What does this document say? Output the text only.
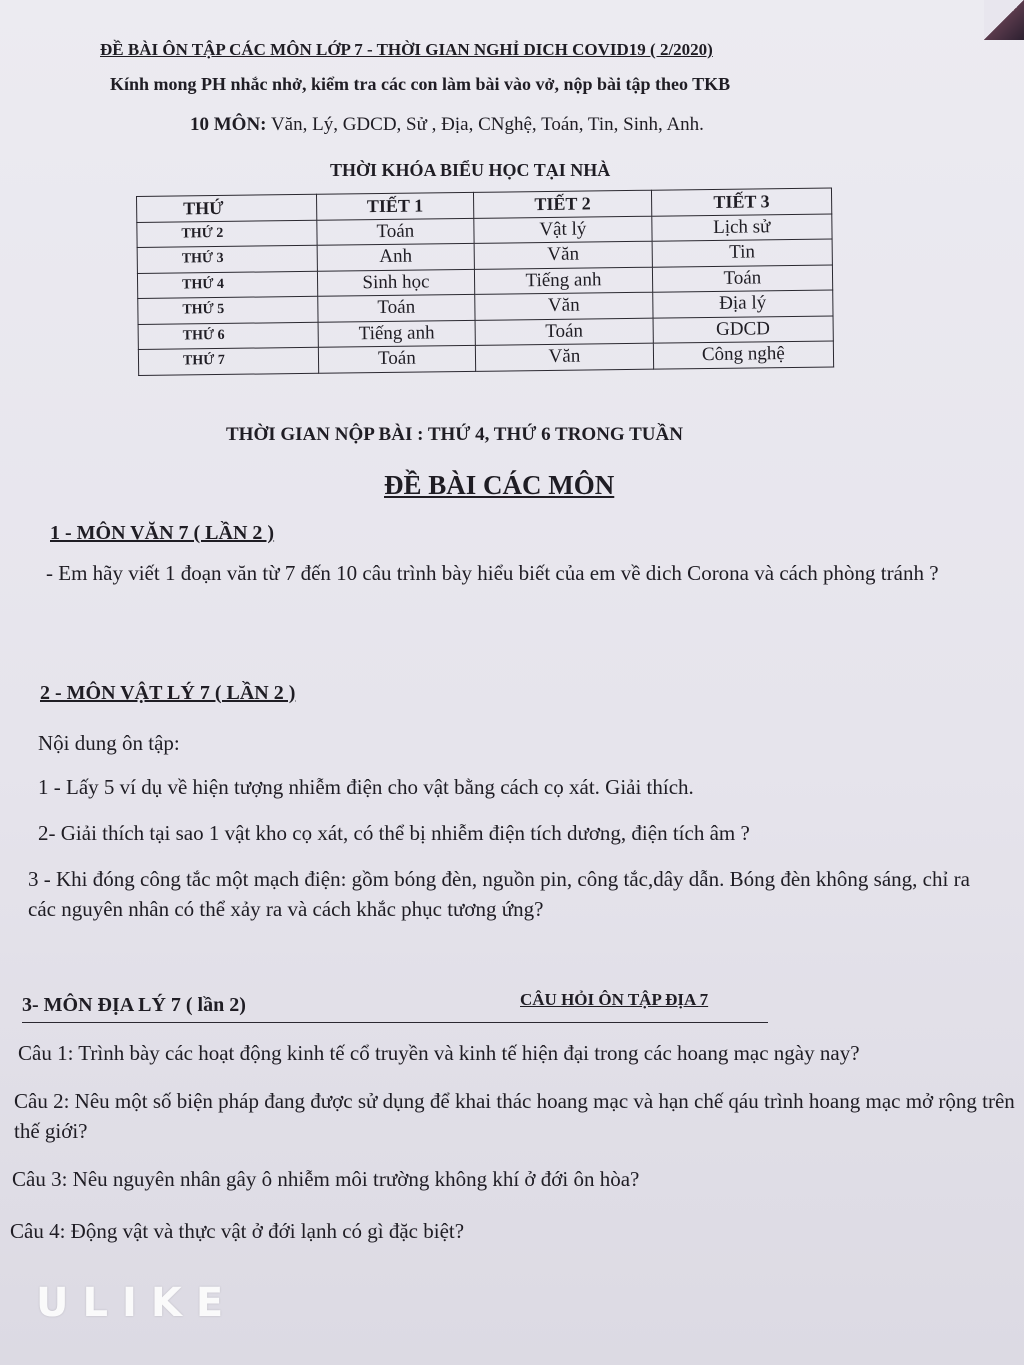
ĐỀ BÀI ÔN TẬP CÁC MÔN LỚP 7 - THỜI GIAN NGHỈ DICH COVID19 ( 2/2020)
Kính mong PH nhắc nhở, kiểm tra các con làm bài vào vở, nộp bài tập theo TKB
10 MÔN: Văn, Lý, GDCD, Sử , Địa, CNghệ, Toán, Tin, Sinh, Anh.
THỜI KHÓA BIỂU HỌC TẠI NHÀ
THỨ	TIẾT 1	TIẾT 2	TIẾT 3
THỨ 2	Toán	Vật lý	Lịch sử
THỨ 3	Anh	Văn	Tin
THỨ 4	Sinh học	Tiếng anh	Toán
THỨ 5	Toán	Văn	Địa lý
THỨ 6	Tiếng anh	Toán	GDCD
THỨ 7	Toán	Văn	Công nghệ
THỜI GIAN NỘP BÀI : THỨ 4, THỨ 6 TRONG TUẦN
ĐỀ BÀI CÁC MÔN
1 - MÔN VĂN 7 ( LẦN 2 )

- Em hãy viết 1 đoạn văn từ 7 đến 10 câu trình bày hiểu biết của em về dich Corona và cách phòng tránh ?

2 - MÔN VẬT LÝ 7 ( LẦN 2 )

Nội dung ôn tập:

1 - Lấy 5 ví dụ về hiện tượng nhiễm điện cho vật bằng cách cọ xát. Giải thích.

2- Giải thích tại sao 1 vật kho cọ xát, có thể bị nhiễm điện tích dương, điện tích âm ?

3 - Khi đóng công tắc một mạch điện: gồm bóng đèn, nguồn pin, công tắc,dây dẫn. Bóng đèn không sáng, chỉ ra các nguyên nhân có thể xảy ra và cách khắc phục tương ứng?

3- MÔN ĐỊA LÝ 7 ( lần 2)	CÂU HỎI ÔN TẬP ĐỊA 7

Câu 1: Trình bày các hoạt động kinh tế cổ truyền và kinh tế hiện đại trong các hoang mạc ngày nay?

Câu 2: Nêu một số biện pháp đang được sử dụng để khai thác hoang mạc và hạn chế qáu trình hoang mạc mở rộng trên thế giới?

Câu 3: Nêu nguyên nhân gây ô nhiễm môi trường không khí ở đới ôn hòa?

Câu 4: Động vật và thực vật ở đới lạnh có gì đặc biệt?

ULIKE
